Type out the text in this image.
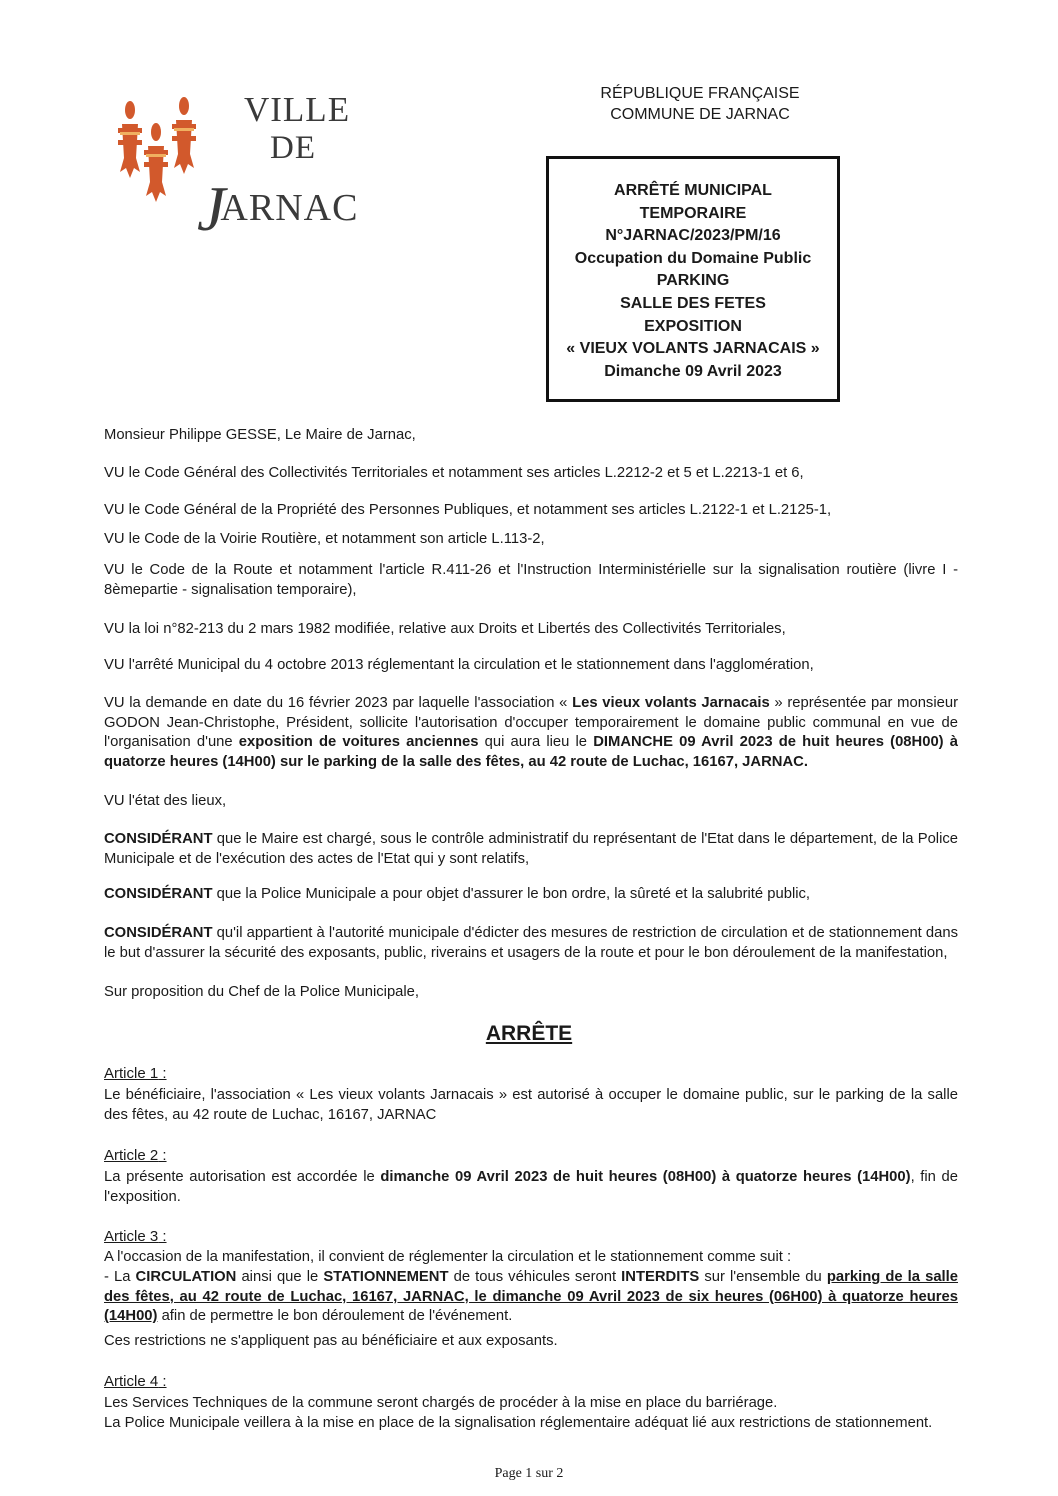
VILLE
DE
JARNAC
RÉPUBLIQUE FRANÇAISE
COMMUNE DE JARNAC
ARRÊTÉ MUNICIPAL
TEMPORAIRE
N°JARNAC/2023/PM/16
Occupation du Domaine Public
PARKING
SALLE DES FETES
EXPOSITION
« VIEUX VOLANTS JARNACAIS »
Dimanche 09 Avril 2023

Monsieur Philippe GESSE, Le Maire de Jarnac,

VU le Code Général des Collectivités Territoriales et notamment ses articles L.2212-2 et 5 et L.2213-1 et 6,

VU le Code Général de la Propriété des Personnes Publiques, et notamment ses articles L.2122-1 et L.2125-1,

VU le Code de la Voirie Routière, et notamment son article L.113-2,

VU le Code de la Route et notamment l'article R.411-26 et l'Instruction Interministérielle sur la signalisation routière (livre I - 8èmepartie - signalisation temporaire),

VU la loi n°82-213 du 2 mars 1982 modifiée, relative aux Droits et Libertés des Collectivités Territoriales,

VU l'arrêté Municipal du 4 octobre 2013 réglementant la circulation et le stationnement dans l'agglomération,

VU la demande en date du 16 février 2023 par laquelle l'association « Les vieux volants Jarnacais » représentée par monsieur GODON Jean-Christophe, Président, sollicite l'autorisation d'occuper temporairement le domaine public communal en vue de l'organisation d'une exposition de voitures anciennes qui aura lieu le DIMANCHE 09 Avril 2023 de huit heures (08H00) à quatorze heures (14H00) sur le parking de la salle des fêtes, au 42 route de Luchac, 16167, JARNAC.

VU l'état des lieux,

CONSIDÉRANT que le Maire est chargé, sous le contrôle administratif du représentant de l'Etat dans le département, de la Police Municipale et de l'exécution des actes de l'Etat qui y sont relatifs,

CONSIDÉRANT que la Police Municipale a pour objet d'assurer le bon ordre, la sûreté et la salubrité public,

CONSIDÉRANT qu'il appartient à l'autorité municipale d'édicter des mesures de restriction de circulation et de stationnement dans le but d'assurer la sécurité des exposants, public, riverains et usagers de la route et pour le bon déroulement de la manifestation,

Sur proposition du Chef de la Police Municipale,

ARRÊTE
Article 1 :

Le bénéficiaire, l'association « Les vieux volants Jarnacais » est autorisé à occuper le domaine public, sur le parking de la salle des fêtes, au 42 route de Luchac, 16167, JARNAC

Article 2 :

La présente autorisation est accordée le dimanche 09 Avril 2023 de huit heures (08H00) à quatorze heures (14H00), fin de l'exposition.

Article 3 :

A l'occasion de la manifestation, il convient de réglementer la circulation et le stationnement comme suit :

- La CIRCULATION ainsi que le STATIONNEMENT de tous véhicules seront INTERDITS sur l'ensemble du parking de la salle des fêtes, au 42 route de Luchac, 16167, JARNAC, le dimanche 09 Avril 2023 de six heures (06H00) à quatorze heures (14H00) afin de permettre le bon déroulement de l'événement.

Ces restrictions ne s'appliquent pas au bénéficiaire et aux exposants.

Article 4 :

Les Services Techniques de la commune seront chargés de procéder à la mise en place du barriérage.

La Police Municipale veillera à la mise en place de la signalisation réglementaire adéquat lié aux restrictions de stationnement.

Page 1 sur 2
